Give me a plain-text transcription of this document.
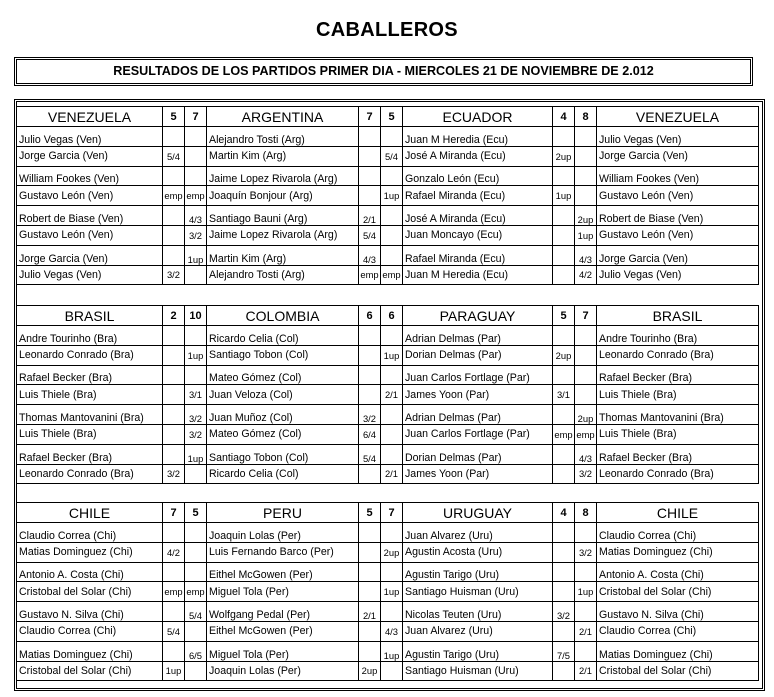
CABALLEROS
RESULTADOS DE LOS PARTIDOS PRIMER DIA - MIERCOLES 21 DE NOVIEMBRE DE 2.012
VENEZUELA	5	7	ARGENTINA	7	5	ECUADOR	4	8	VENEZUELA
Julio Vegas (Ven)			Alejandro Tosti (Arg)			Juan M Heredia (Ecu)			Julio Vegas (Ven)
Jorge Garcia (Ven)	5/4		Martin Kim (Arg)		5/4	José A Miranda (Ecu)	2up		Jorge Garcia (Ven)
William Fookes (Ven)			Jaime Lopez Rivarola (Arg)			Gonzalo León (Ecu)			William Fookes (Ven)
Gustavo León (Ven)	emp	emp	Joaquín Bonjour (Arg)		1up	Rafael Miranda (Ecu)	1up		Gustavo León (Ven)
Robert de Biase (Ven)		4/3	Santiago Bauni (Arg)	2/1		José A Miranda (Ecu)		2up	Robert de Biase (Ven)
Gustavo León (Ven)		3/2	Jaime Lopez Rivarola (Arg)	5/4		Juan Moncayo (Ecu)		1up	Gustavo León (Ven)
Jorge Garcia (Ven)		1up	Martin Kim (Arg)	4/3		Rafael Miranda (Ecu)		4/3	Jorge Garcia (Ven)
Julio Vegas (Ven)	3/2		Alejandro Tosti (Arg)	emp	emp	Juan M Heredia (Ecu)		4/2	Julio Vegas (Ven)
BRASIL	2	10	COLOMBIA	6	6	PARAGUAY	5	7	BRASIL
Andre Tourinho (Bra)			Ricardo Celia (Col)			Adrian Delmas (Par)			Andre Tourinho (Bra)
Leonardo Conrado (Bra)		1up	Santiago Tobon (Col)		1up	Dorian Delmas (Par)	2up		Leonardo Conrado (Bra)
Rafael Becker (Bra)			Mateo Gómez (Col)			Juan Carlos Fortlage (Par)			Rafael Becker (Bra)
Luis Thiele (Bra)		3/1	Juan Veloza (Col)		2/1	James Yoon (Par)	3/1		Luis Thiele (Bra)
Thomas Mantovanini (Bra)		3/2	Juan Muñoz (Col)	3/2		Adrian Delmas (Par)		2up	Thomas Mantovanini (Bra)
Luis Thiele (Bra)		3/2	Mateo Gómez (Col)	6/4		Juan Carlos Fortlage (Par)	emp	emp	Luis Thiele (Bra)
Rafael Becker (Bra)		1up	Santiago Tobon (Col)	5/4		Dorian Delmas (Par)		4/3	Rafael Becker (Bra)
Leonardo Conrado (Bra)	3/2		Ricardo Celia (Col)		2/1	James Yoon (Par)		3/2	Leonardo Conrado (Bra)
CHILE	7	5	PERU	5	7	URUGUAY	4	8	CHILE
Claudio Correa (Chi)			Joaquin Lolas (Per)			Juan Alvarez (Uru)			Claudio Correa (Chi)
Matias Dominguez (Chi)	4/2		Luis Fernando Barco (Per)		2up	Agustin Acosta (Uru)		3/2	Matias Dominguez (Chi)
Antonio A. Costa (Chi)			Eithel McGowen (Per)			Agustin Tarigo (Uru)			Antonio A. Costa (Chi)
Cristobal del Solar (Chi)	emp	emp	Miguel Tola (Per)		1up	Santiago Huisman (Uru)		1up	Cristobal del Solar (Chi)
Gustavo N. Silva (Chi)		5/4	Wolfgang Pedal (Per)	2/1		Nicolas Teuten (Uru)	3/2		Gustavo N. Silva (Chi)
Claudio Correa (Chi)	5/4		Eithel McGowen (Per)		4/3	Juan Alvarez (Uru)		2/1	Claudio Correa (Chi)
Matias Dominguez (Chi)		6/5	Miguel Tola (Per)		1up	Agustin Tarigo (Uru)	7/5		Matias Dominguez (Chi)
Cristobal del Solar (Chi)	1up		Joaquin Lolas (Per)	2up		Santiago Huisman (Uru)		2/1	Cristobal del Solar (Chi)
